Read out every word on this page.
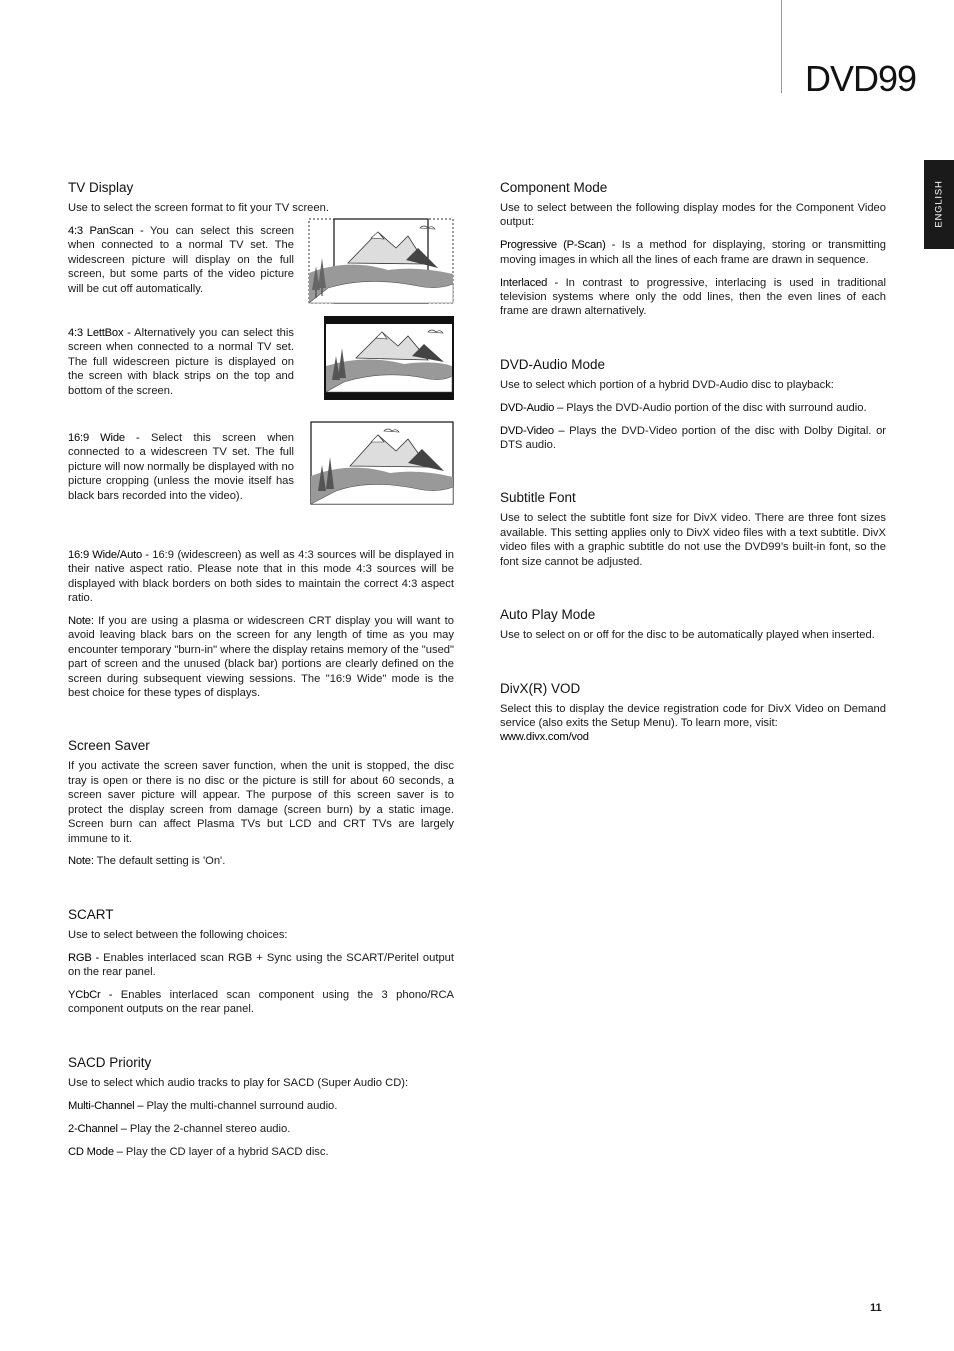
DVD99
ENGLISH
TV Display

Use to select the screen format to fit your TV screen.

4:3 PanScan - You can select this screen when connected to a normal TV set. The widescreen picture will display on the full screen, but some parts of the video picture will be cut off automatically.

4:3 LettBox - Alternatively you can select this screen when connected to a normal TV set. The full widescreen picture is displayed on the screen with black strips on the top and bottom of the screen.

16:9 Wide - Select this screen when connected to a widescreen TV set. The full picture will now normally be displayed with no picture cropping (unless the movie itself has black bars recorded into the video).

16:9 Wide/Auto - 16:9 (widescreen) as well as 4:3 sources will be displayed in their native aspect ratio. Please note that in this mode 4:3 sources will be displayed with black borders on both sides to maintain the correct 4:3 aspect ratio.

Note: If you are using a plasma or widescreen CRT display you will want to avoid leaving black bars on the screen for any length of time as you may encounter temporary "burn-in" where the display retains memory of the "used" part of screen and the unused (black bar) portions are clearly defined on the screen during subsequent viewing sessions. The "16:9 Wide" mode is the best choice for these types of displays.

Screen Saver

If you activate the screen saver function, when the unit is stopped, the disc tray is open or there is no disc or the picture is still for about 60 seconds, a screen saver picture will appear. The purpose of this screen saver is to protect the display screen from damage (screen burn) by a static image. Screen burn can affect Plasma TVs but LCD and CRT TVs are largely immune to it.

Note: The default setting is 'On'.

SCART

Use to select between the following choices:

RGB - Enables interlaced scan RGB + Sync using the SCART/Peritel output on the rear panel.

YCbCr - Enables interlaced scan component using the 3 phono/RCA component outputs on the rear panel.

SACD Priority

Use to select which audio tracks to play for SACD (Super Audio CD):

Multi-Channel – Play the multi-channel surround audio.

2-Channel – Play the 2-channel stereo audio.

CD Mode – Play the CD layer of a hybrid SACD disc.

Component Mode

Use to select between the following display modes for the Component Video output:

Progressive (P-Scan) - Is a method for displaying, storing or transmitting moving images in which all the lines of each frame are drawn in sequence.

Interlaced - In contrast to progressive, interlacing is used in traditional television systems where only the odd lines, then the even lines of each frame are drawn alternatively.

DVD-Audio Mode

Use to select which portion of a hybrid DVD-Audio disc to playback:

DVD-Audio – Plays the DVD-Audio portion of the disc with surround audio.

DVD-Video – Plays the DVD-Video portion of the disc with Dolby Digital. or DTS audio.

Subtitle Font

Use to select the subtitle font size for DivX video. There are three font sizes available. This setting applies only to DivX video files with a text subtitle. DivX video files with a graphic subtitle do not use the DVD99’s built-in font, so the font size cannot be adjusted.

Auto Play Mode

Use to select on or off for the disc to be automatically played when inserted.

DivX(R) VOD

Select this to display the device registration code for DivX Video on Demand service (also exits the Setup Menu). To learn more, visit:

www.divx.com/vod

11
